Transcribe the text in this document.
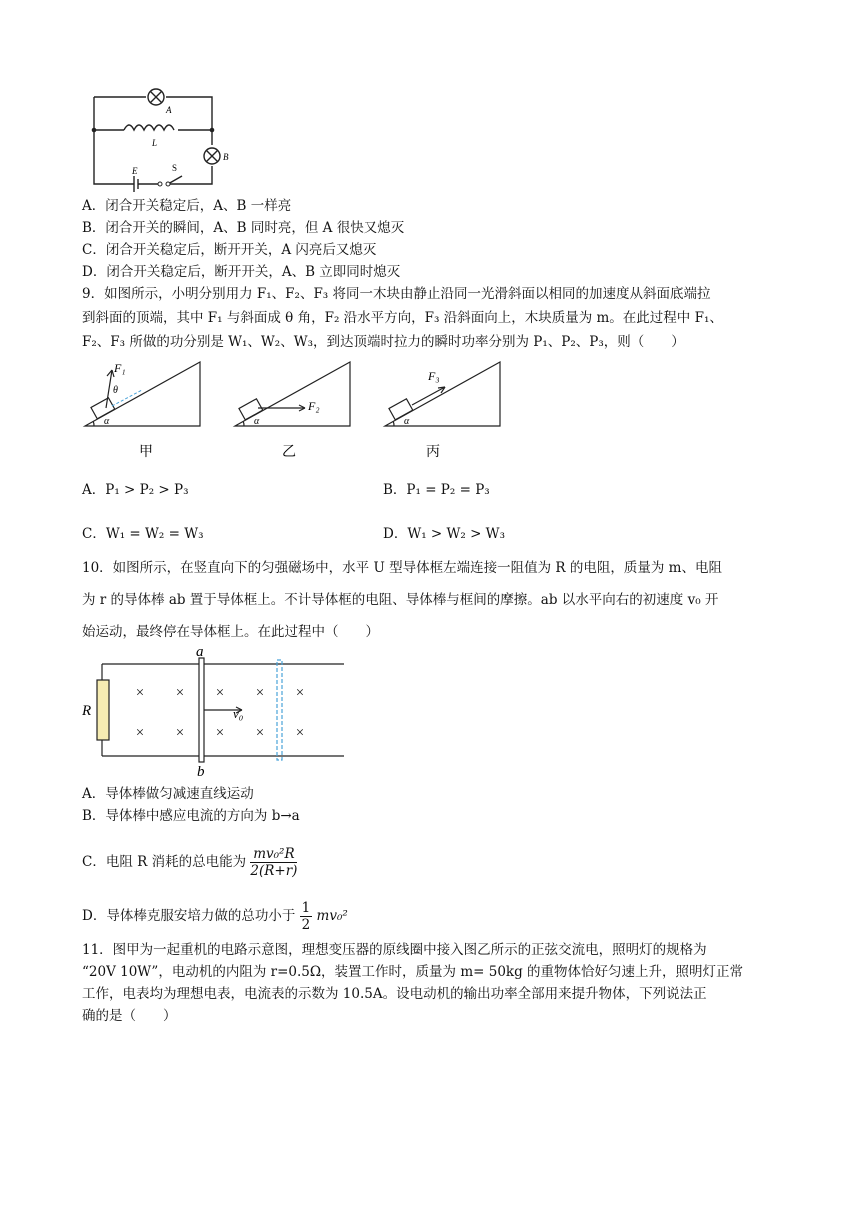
A
L
B
E	S
A．闭合开关稳定后，A、B 一样亮
B．闭合开关的瞬间，A、B 同时亮，但 A 很快又熄灭
C．闭合开关稳定后，断开开关，A 闪亮后又熄灭
D．闭合开关稳定后，断开开关，A、B 立即同时熄灭
9．如图所示，小明分别用力 F₁、F₂、F₃ 将同一木块由静止沿同一光滑斜面以相同的加速度从斜面底端拉
到斜面的顶端，其中 F₁ 与斜面成 θ 角，F₂ 沿水平方向，F₃ 沿斜面向上，木块质量为 m。在此过程中 F₁、
F₂、F₃ 所做的功分别是 W₁、W₂、W₃，到达顶端时拉力的瞬时功率分别为 P₁、P₂、P₃，则（　　）
F₁
θ
α
甲
F₂
α
乙
F₃
α
丙
A．P₁ > P₂ > P₃	B．P₁ = P₂ = P₃
C．W₁ = W₂ = W₃	D．W₁ > W₂ > W₃
10．如图所示，在竖直向下的匀强磁场中，水平 U 型导体框左端连接一阻值为 R 的电阻，质量为 m、电阻
为 r 的导体棒 ab 置于导体框上。不计导体框的电阻、导体棒与框间的摩擦。ab 以水平向右的初速度 v₀ 开
始运动，最终停在导体框上。在此过程中（　　）
× × × × ×
× × × × ×
R
a
b
v₀
A．导体棒做匀减速直线运动
B．导体棒中感应电流的方向为 b→a
C．电阻 R 消耗的总电能为 $\frac{\text{mv₀²R}}{2(R+r)}$
D．导体棒克服安培力做的总功小于 $\frac{1}{2} mv_0^2$
11．图甲为一起重机的电路示意图，理想变压器的原线圈中接入图乙所示的正弦交流电，照明灯的规格为
“20V 10W”，电动机的内阻为 r=0.5Ω，装置工作时，质量为 m= 50kg 的重物体恰好匀速上升，照明灯正常
工作，电表均为理想电表，电流表的示数为 10.5A。设电动机的输出功率全部用来提升物体，下列说法正
确的是（　　）
